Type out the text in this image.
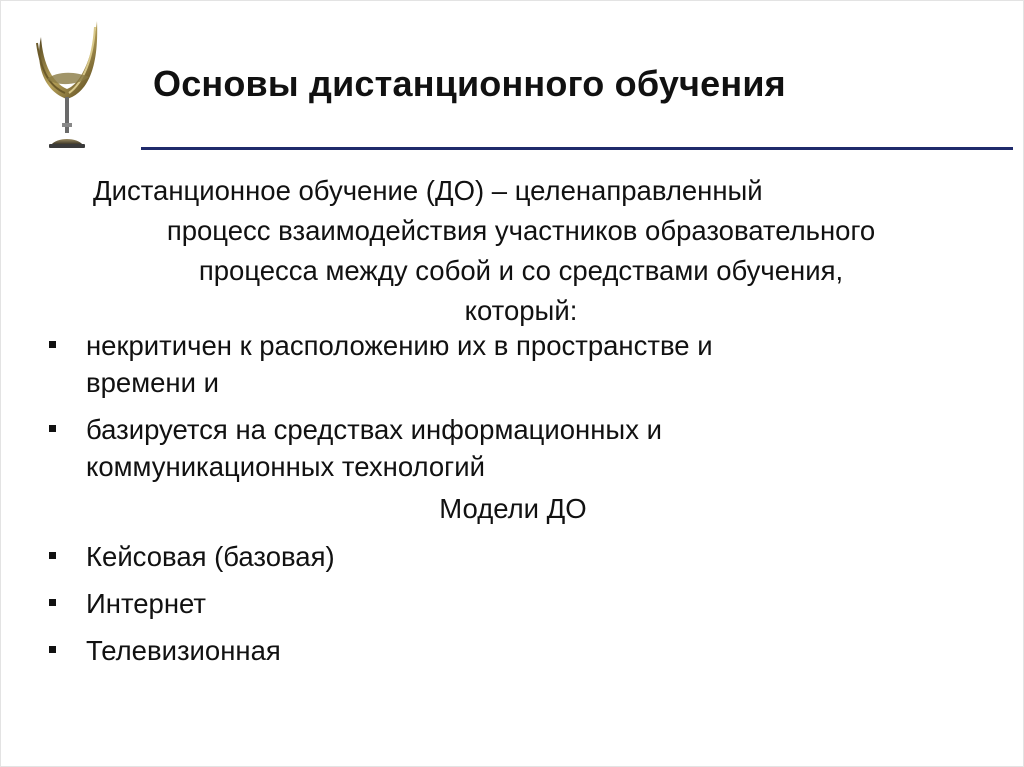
Основы дистанционного обучения

Дистанционное обучение (ДО) – целенаправленный
процесс взаимодействия участников образовательного
процесса между собой и со средствами обучения,
который:

некритичен к расположению их в пространстве и
времени и
базируется на средствах информационных и
коммуникационных технологий

Модели ДО

Кейсовая (базовая)
Интернет
Телевизионная
